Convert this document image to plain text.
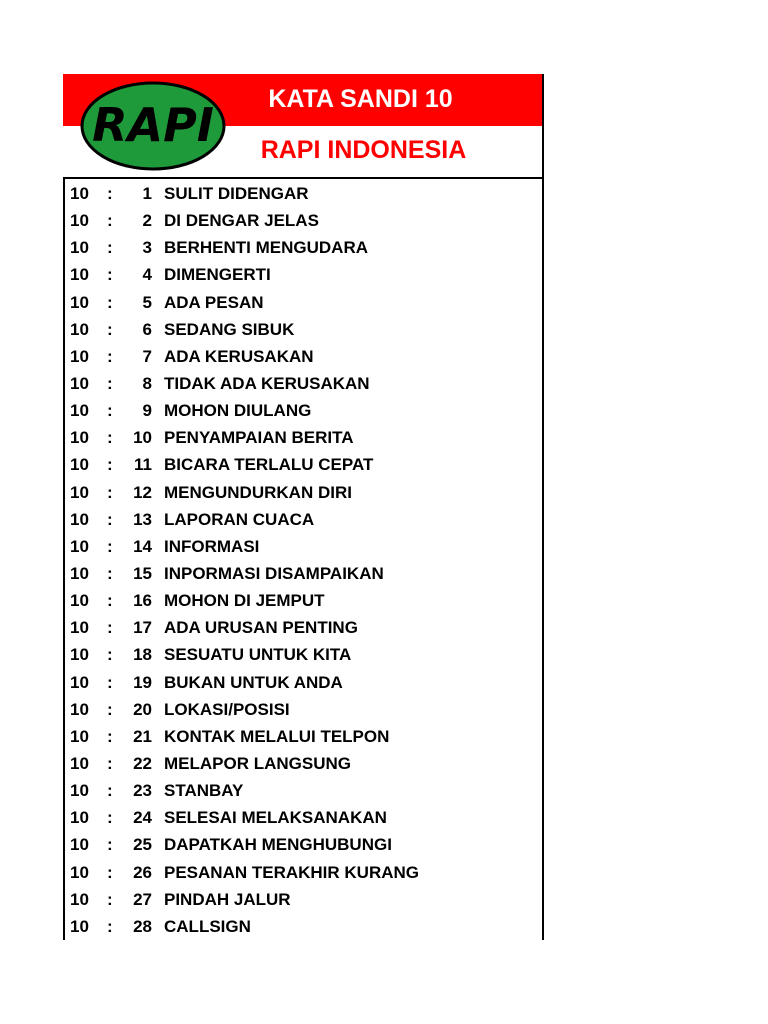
RAPI KATA SANDI 10
RAPI INDONESIA
10 :	1 SULIT DIDENGAR
10 :	2 DI DENGAR JELAS
10 :	3 BERHENTI MENGUDARA
10 :	4 DIMENGERTI
10 :	5 ADA PESAN
10 :	6 SEDANG SIBUK
10 :	7 ADA KERUSAKAN
10 :	8 TIDAK ADA KERUSAKAN
10 :	9 MOHON DIULANG
10 :	10 PENYAMPAIAN BERITA
10 :	11 BICARA TERLALU CEPAT
10 :	12 MENGUNDURKAN DIRI
10 :	13 LAPORAN CUACA
10 :	14 INFORMASI
10 :	15 INPORMASI DISAMPAIKAN
10 :	16 MOHON DI JEMPUT
10 :	17 ADA URUSAN PENTING
10 :	18 SESUATU UNTUK KITA
10 :	19 BUKAN UNTUK ANDA
10 :	20 LOKASI/POSISI
10 :	21 KONTAK MELALUI TELPON
10 :	22 MELAPOR LANGSUNG
10 :	23 STANBAY
10 :	24 SELESAI MELAKSANAKAN
10 :	25 DAPATKAH MENGHUBUNGI
10 :	26 PESANAN TERAKHIR KURANG
10 :	27 PINDAH JALUR
10 :	28 CALLSIGN
